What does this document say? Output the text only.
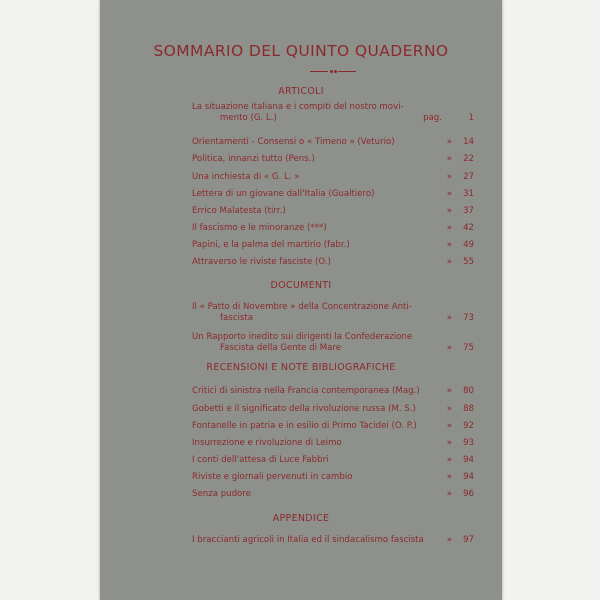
SOMMARIO DEL QUINTO QUADERNO
ARTICOLI
La situazione italiana e i compiti del nostro movi-
mento (G. L.)	pag.	1
Orientamenti - Consensi o « Timeno » (Veturio)	»	14
Politica, innanzi tutto (Pens.)	»	22
Una inchiesta di « G. L. »	»	27
Lettera di un giovane dall'Italia (Gualtiero)	»	31
Errico Malatesta (tirr.)	»	37
Il fascismo e le minoranze (***)	»	42
Papini, e la palma del martirio (fabr.)	»	49
Attraverso le riviste fasciste (O.)	»	55
DOCUMENTI
Il « Patto di Novembre » della Concentrazione Anti-
fascista	»	73
Un Rapporto inedito sui dirigenti la Confederazione
Fascista della Gente di Mare	»	75
RECENSIONI E NOTE BIBLIOGRAFICHE
Critici di sinistra nella Francia contemporanea (Mag.)	»	80
Gobetti e il significato della rivoluzione russa (M. S.)	»	88
Fontanelle in patria e in esilio di Primo Tacidei (O. P.)	»	92
Insurrezione e rivoluzione di Leimo	»	93
I conti dell'attesa di Luce Fabbri	»	94
Riviste e giornali pervenuti in cambio	»	94
Senza pudore	»	96
APPENDICE
I braccianti agricoli in Italia ed il sindacalismo fascista	»	97
